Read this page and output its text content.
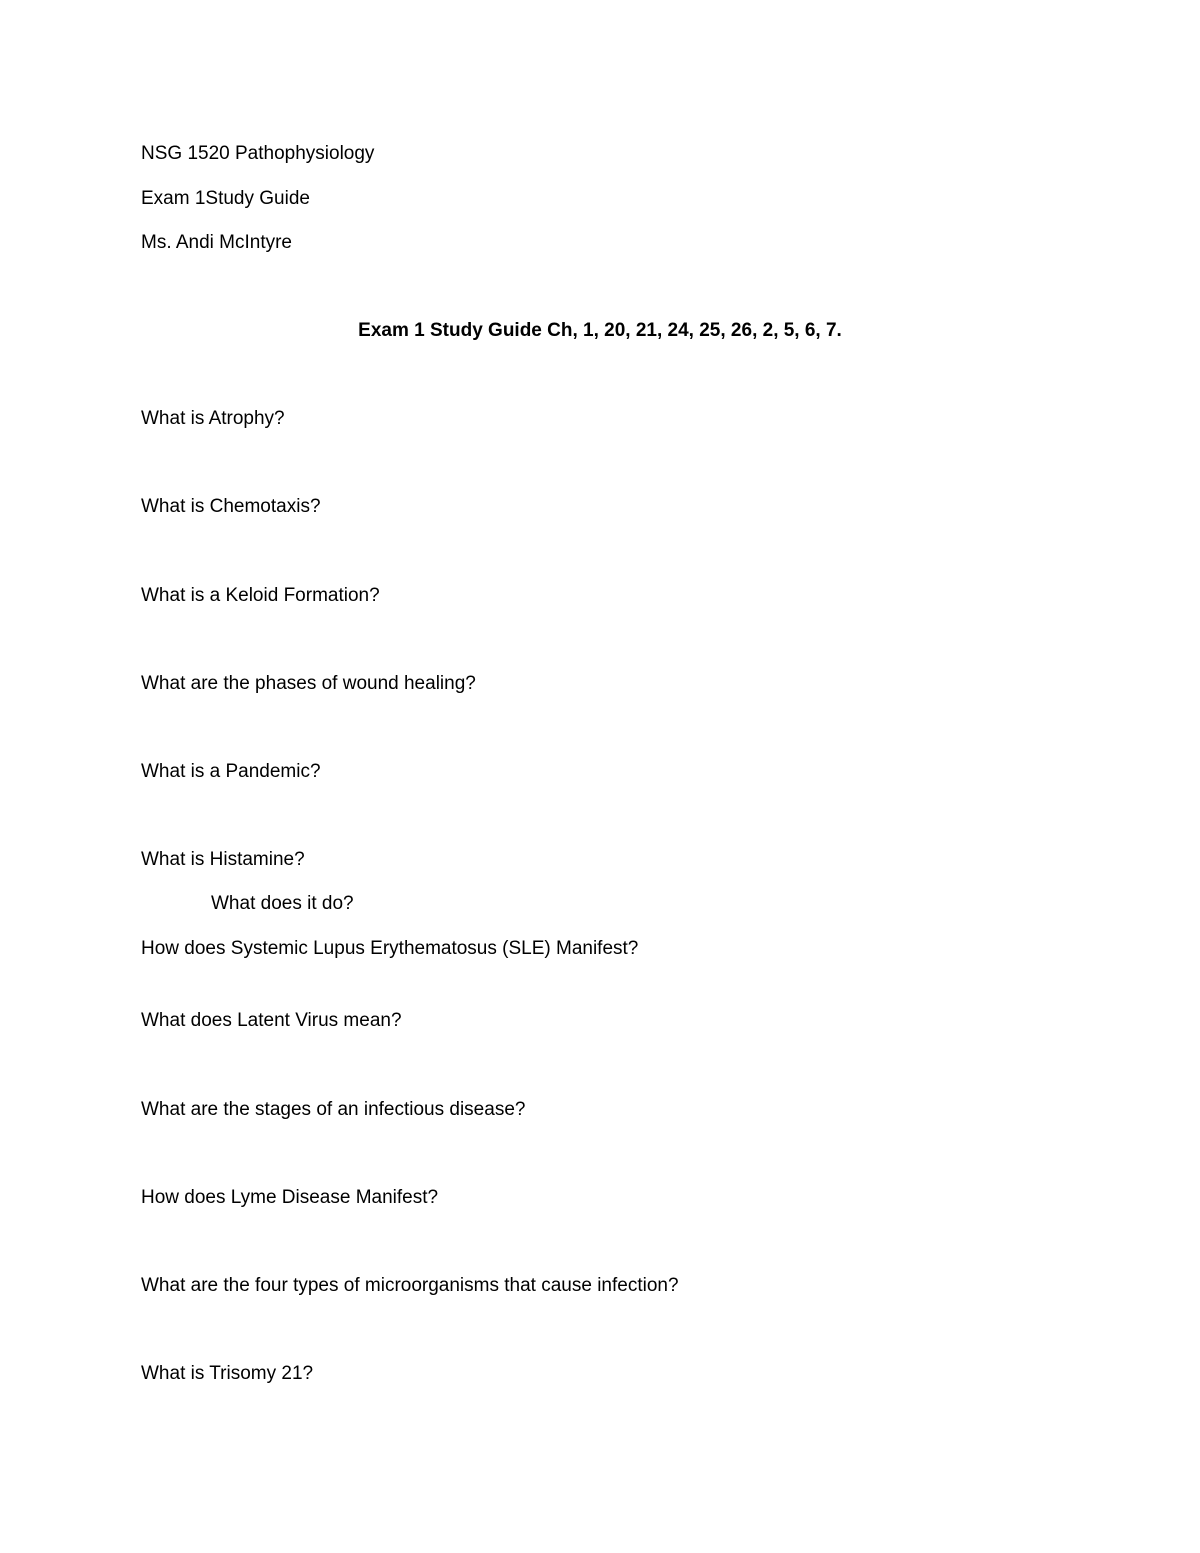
NSG 1520 Pathophysiology
Exam 1Study Guide
Ms. Andi McIntyre
Exam 1 Study Guide Ch, 1, 20, 21, 24, 25, 26, 2, 5, 6, 7.
What is Atrophy?
What is Chemotaxis?
What is a Keloid Formation?
What are the phases of wound healing?
What is a Pandemic?
What is Histamine?
What does it do?
How does Systemic Lupus Erythematosus (SLE) Manifest?
What does Latent Virus mean?
What are the stages of an infectious disease?
How does Lyme Disease Manifest?
What are the four types of microorganisms that cause infection?
What is Trisomy 21?
